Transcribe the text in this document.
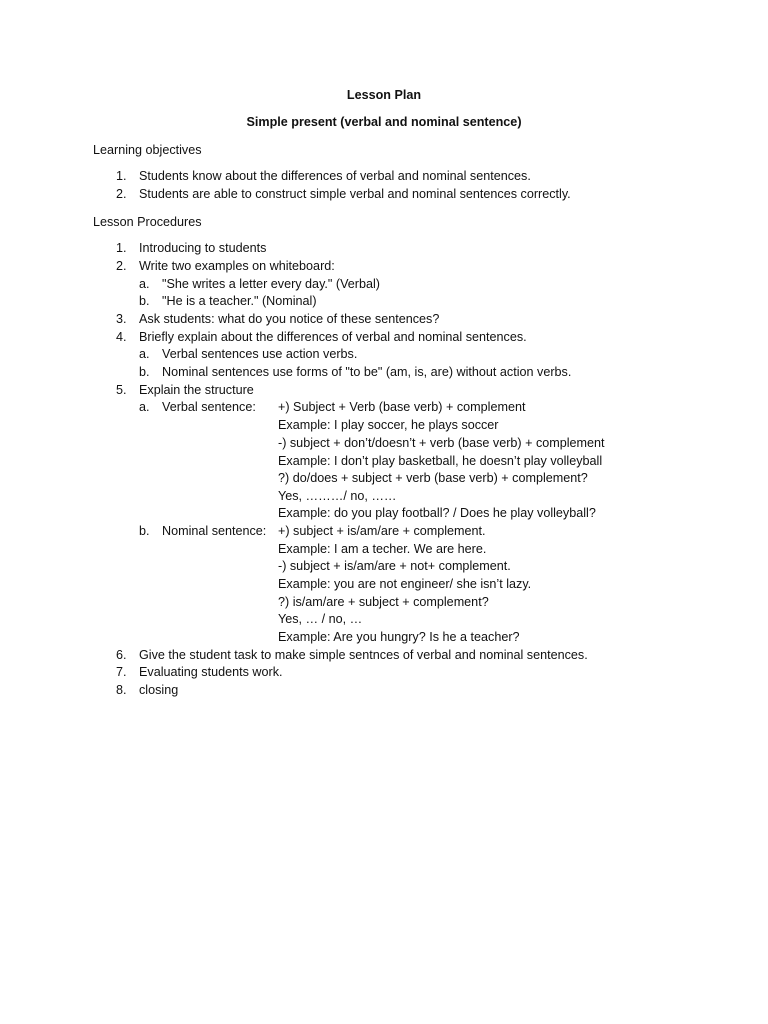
Lesson Plan
Simple present (verbal and nominal sentence)
Learning objectives
1. Students know about the differences of verbal and nominal sentences.
2. Students are able to construct simple verbal and nominal sentences correctly.
Lesson Procedures
1. Introducing to students
2. Write two examples on whiteboard:
a. "She writes a letter every day." (Verbal)
b. "He is a teacher." (Nominal)
3. Ask students: what do you notice of these sentences?
4. Briefly explain about the differences of verbal and nominal sentences.
a. Verbal sentences use action verbs.
b. Nominal sentences use forms of "to be" (am, is, are) without action verbs.
5. Explain the structure
a. Verbal sentence: +) Subject + Verb (base verb) + complement
Example: I play soccer, he plays soccer
-) subject + don’t/doesn’t + verb (base verb) + complement
Example: I don’t play basketball, he doesn’t play volleyball
?) do/does + subject + verb (base verb) + complement?
Yes, ………/ no, ……
Example: do you play football? / Does he play volleyball?
b. Nominal sentence: +) subject + is/am/are + complement.
Example: I am a techer. We are here.
-) subject + is/am/are + not+ complement.
Example: you are not engineer/ she isn’t lazy.
?) is/am/are + subject + complement?
Yes, … / no, …
Example: Are you hungry? Is he a teacher?
6. Give the student task to make simple sentnces of verbal and nominal sentences.
7. Evaluating students work.
8. closing
